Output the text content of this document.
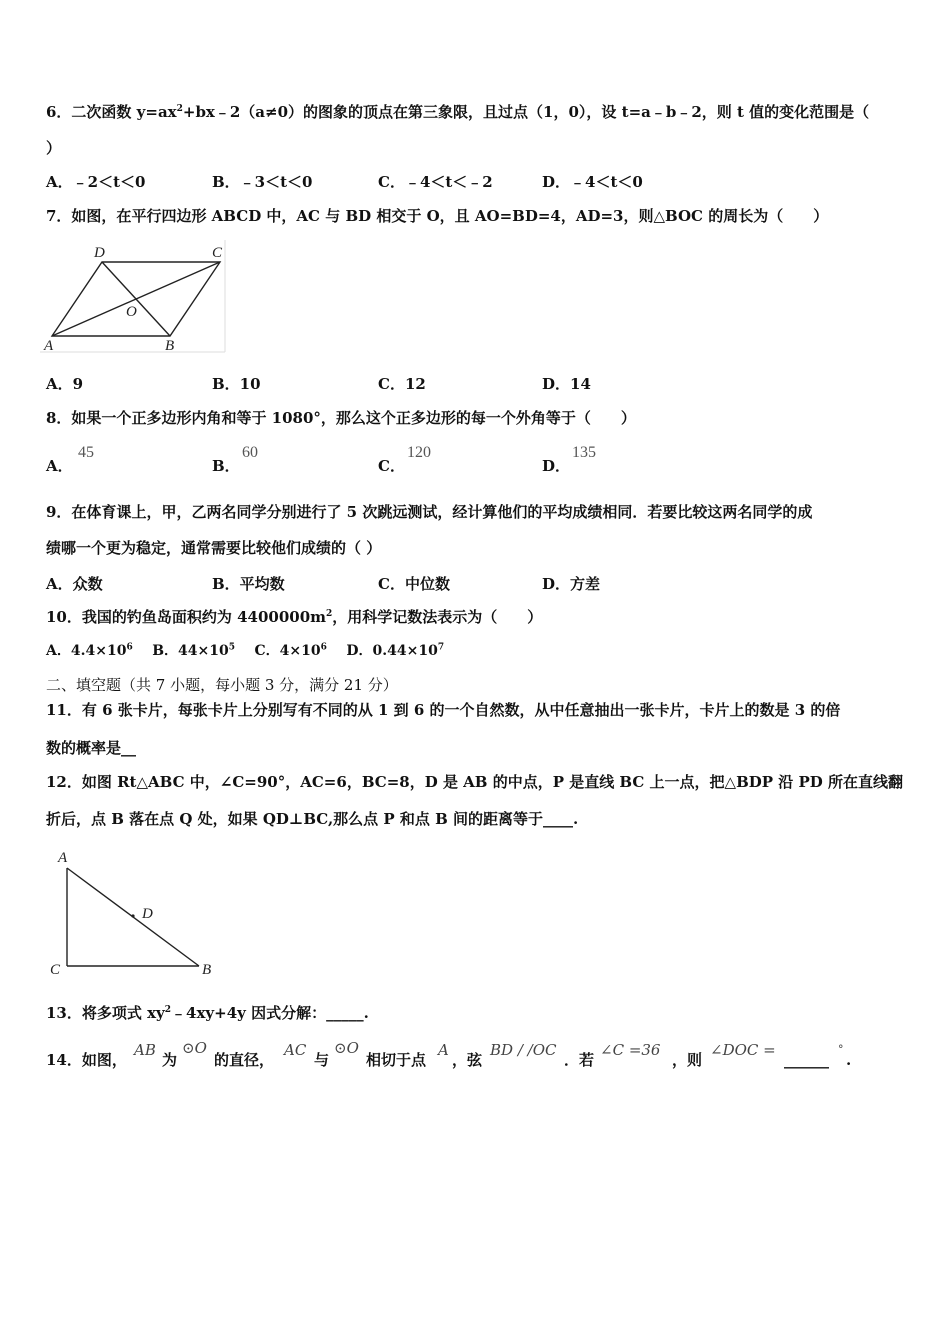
6．二次函数 $y=ax^2+bx﹣2(a\ne 0)$的图象的顶点在第三象限，且过点（1，0），设 t=a﹣b﹣2，则 t 值的变化范围是（
）
A．﹣2＜t＜0	B．﹣3＜t＜0	C．﹣4＜t＜﹣2	D．﹣4＜t＜0
7．如图，在平行四边形 ABCD 中，AC 与 BD 相交于 O，且 AO=BD=4，AD=3，则△BOC 的周长为（　　）
D	C
O
A	B
A．9	B．10	C．12	D．14
8．如果一个正多边形内角和等于 1080°，那么这个正多边形的每一个外角等于（　　）
A．
45
B．
60
C．
120
D．
135
9．在体育课上，甲，乙两名同学分别进行了 5 次跳远测试，经计算他们的平均成绩相同．若要比较这两名同学的成
绩哪一个更为稳定，通常需要比较他们成绩的（ ）
A．众数	B．平均数	C．中位数	D．方差
10．我国的钓鱼岛面积约为 $4400000m^2$，用科学记数法表示为（　　）
A．$4.4\times 10^6$ B．$44\times 10^5$ C．$4\times 10^6$ D．$0.44\times 10^7$
二、填空题（共 7 小题，每小题 3 分，满分 21 分）
11．有 6 张卡片，每张卡片上分别写有不同的从 1 到 6 的一个自然数，从中任意抽出一张卡片，卡片上的数是 3 的倍
数的概率是__
12．如图 Rt△ABC 中，∠C=90°，AC=6，BC=8，D 是 AB 的中点，P 是直线 BC 上一点，把△BDP 沿 PD 所在直线翻
折后，点 B 落在点 Q 处，如果 QD⊥BC,那么点 P 和点 B 间的距离等于____.
A
D
C	B
13．将多项式 $xy^2﹣4xy+4y$ 因式分解：_____.
14．如图，
AB
为
⊙O
的直径，
AC
与
⊙O
相切于点
A
，弦
BD / /OC
．若
∠C =36
，则
∠DOC =
______
°
.
